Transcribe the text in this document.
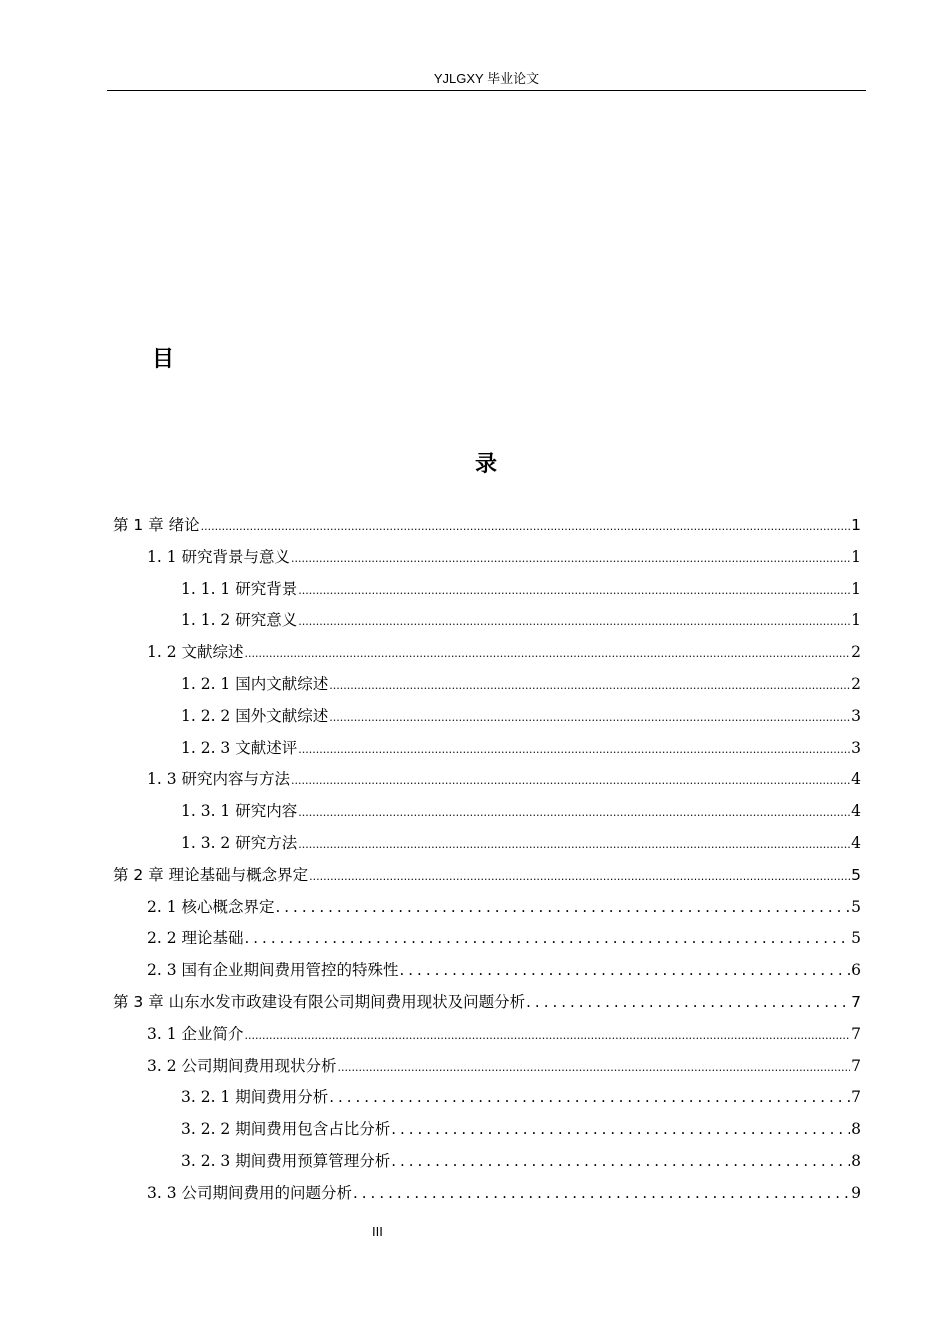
YJLGXY 毕业论文
目
录
第 1 章 绪论 .....	1
1. 1 研究背景与意义 .....	1
1. 1. 1 研究背景 .....	1
1. 1. 2 研究意义 .....	1
1. 2 文献综述 .....	2
1. 2. 1 国内文献综述 .....	2
1. 2. 2 国外文献综述 .....	3
1. 2. 3 文献述评 .....	3
1. 3 研究内容与方法 .....	4
1. 3. 1 研究内容 .....	4
1. 3. 2 研究方法 .....	4
第 2 章 理论基础与概念界定 .....	5
2. 1 核心概念界定 .....	5
2. 2 理论基础 .....	5
2. 3 国有企业期间费用管控的特殊性 .....	6
第 3 章 山东水发市政建设有限公司期间费用现状及问题分析 .....	7
3. 1 企业简介 .....	7
3. 2 公司期间费用现状分析 .....	7
3. 2. 1 期间费用分析 .....	7
3. 2. 2 期间费用包含占比分析 .....	8
3. 2. 3 期间费用预算管理分析 .....	8
3. 3 公司期间费用的问题分析 .....	9
III
